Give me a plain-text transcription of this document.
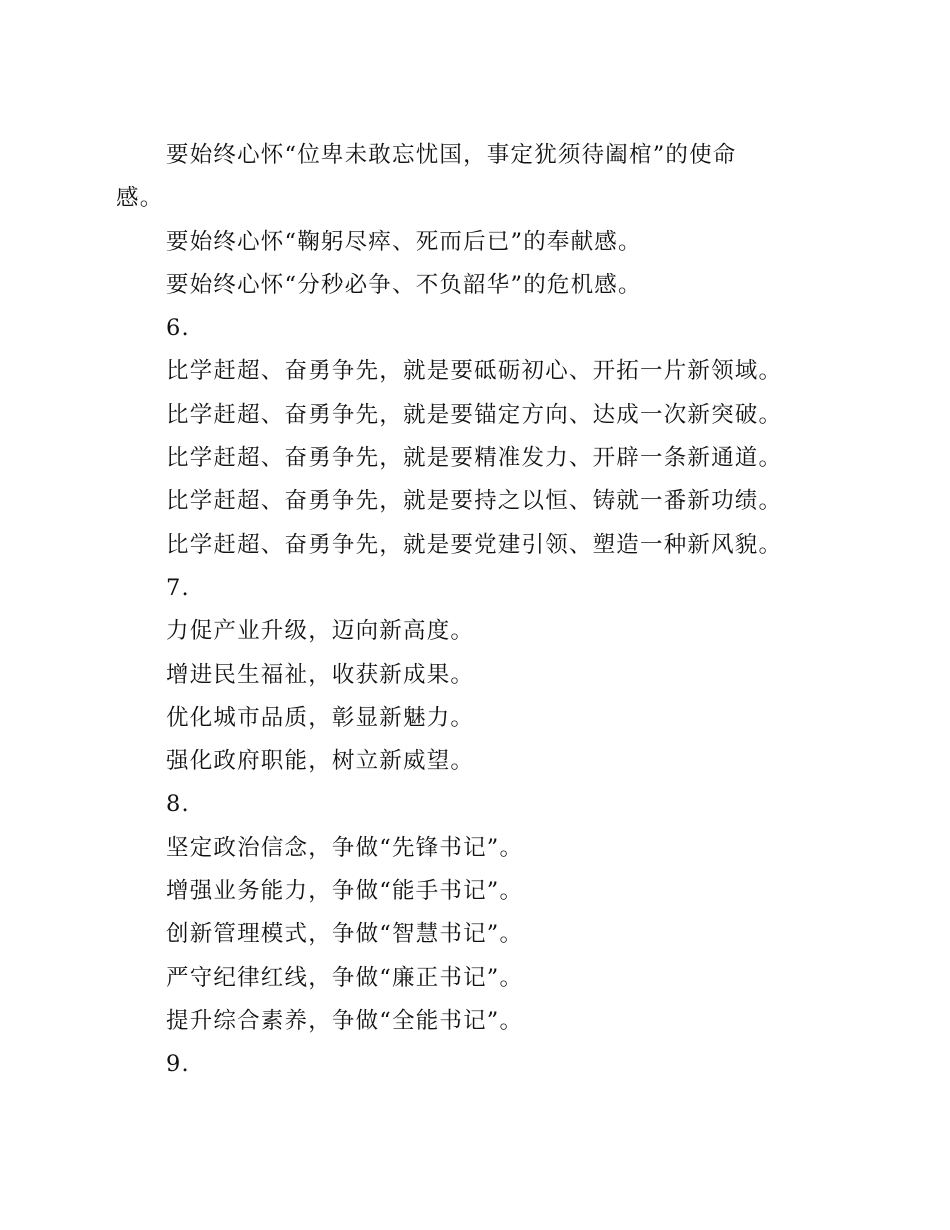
要始终心怀“位卑未敢忘忧国，事定犹须待阖棺”的使命
感。
要始终心怀“鞠躬尽瘁、死而后已”的奉献感。
要始终心怀“分秒必争、不负韶华”的危机感。
6.
比学赶超、奋勇争先，就是要砥砺初心、开拓一片新领域。
比学赶超、奋勇争先，就是要锚定方向、达成一次新突破。
比学赶超、奋勇争先，就是要精准发力、开辟一条新通道。
比学赶超、奋勇争先，就是要持之以恒、铸就一番新功绩。
比学赶超、奋勇争先，就是要党建引领、塑造一种新风貌。
7.
力促产业升级，迈向新高度。
增进民生福祉，收获新成果。
优化城市品质，彰显新魅力。
强化政府职能，树立新威望。
8.
坚定政治信念，争做“先锋书记”。
增强业务能力，争做“能手书记”。
创新管理模式，争做“智慧书记”。
严守纪律红线，争做“廉正书记”。
提升综合素养，争做“全能书记”。
9.
